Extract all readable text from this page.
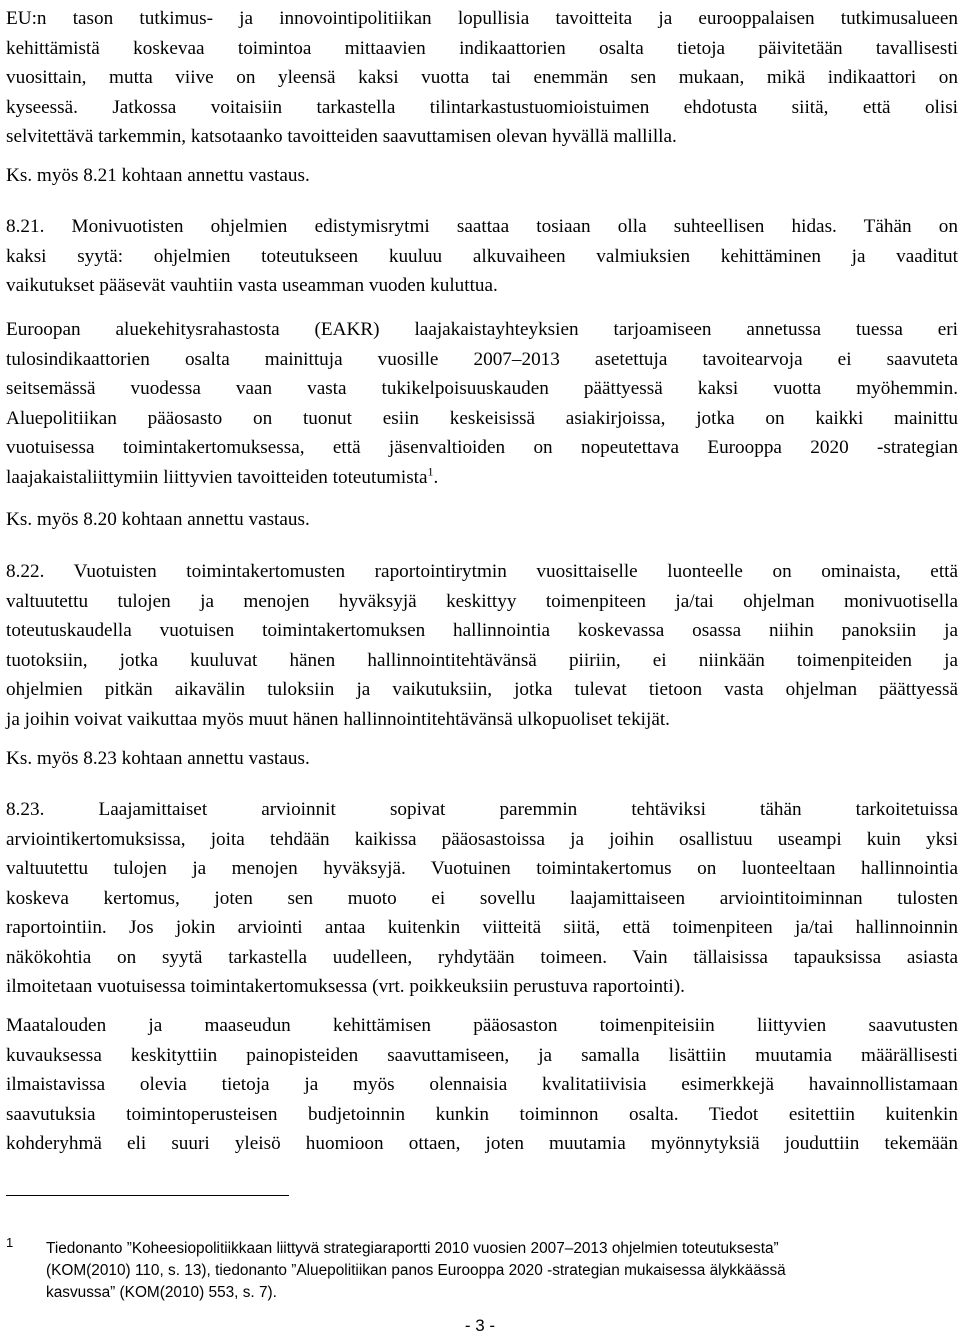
EU:n tason tutkimus- ja innovointipolitiikan lopullisia tavoitteita ja eurooppalaisen tutkimusalueen
kehittämistä koskevaa toimintoa mittaavien indikaattorien osalta tietoja päivitetään tavallisesti
vuosittain, mutta viive on yleensä kaksi vuotta tai enemmän sen mukaan, mikä indikaattori on
kyseessä. Jatkossa voitaisiin tarkastella tilintarkastustuomioistuimen ehdotusta siitä, että olisi
selvitettävä tarkemmin, katsotaanko tavoitteiden saavuttamisen olevan hyvällä mallilla.
Ks. myös 8.21 kohtaan annettu vastaus.
8.21. Monivuotisten ohjelmien edistymisrytmi saattaa tosiaan olla suhteellisen hidas. Tähän on
kaksi syytä: ohjelmien toteutukseen kuuluu alkuvaiheen valmiuksien kehittäminen ja vaaditut
vaikutukset pääsevät vauhtiin vasta useamman vuoden kuluttua.
Euroopan aluekehitysrahastosta (EAKR) laajakaistayhteyksien tarjoamiseen annetussa tuessa eri
tulosindikaattorien osalta mainittuja vuosille 2007–2013 asetettuja tavoitearvoja ei saavuteta
seitsemässä vuodessa vaan vasta tukikelpoisuuskauden päättyessä kaksi vuotta myöhemmin.
Aluepolitiikan pääosasto on tuonut esiin keskeisissä asiakirjoissa, jotka on kaikki mainittu
vuotuisessa toimintakertomuksessa, että jäsenvaltioiden on nopeutettava Eurooppa 2020 -strategian
laajakaistaliittymiin liittyvien tavoitteiden toteutumista$^1$.
Ks. myös 8.20 kohtaan annettu vastaus.
8.22. Vuotuisten toimintakertomusten raportointirytmin vuosittaiselle luonteelle on ominaista, että
valtuutettu tulojen ja menojen hyväksyjä keskittyy toimenpiteen ja/tai ohjelman monivuotisella
toteutuskaudella vuotuisen toimintakertomuksen hallinnointia koskevassa osassa niihin panoksiin ja
tuotoksiin, jotka kuuluvat hänen hallinnointitehtävänsä piiriin, ei niinkään toimenpiteiden ja
ohjelmien pitkän aikavälin tuloksiin ja vaikutuksiin, jotka tulevat tietoon vasta ohjelman päättyessä
ja joihin voivat vaikuttaa myös muut hänen hallinnointitehtävänsä ulkopuoliset tekijät.
Ks. myös 8.23 kohtaan annettu vastaus.
8.23. Laajamittaiset arvioinnit sopivat paremmin tehtäviksi tähän tarkoitetuissa
arviointikertomuksissa, joita tehdään kaikissa pääosastoissa ja joihin osallistuu useampi kuin yksi
valtuutettu tulojen ja menojen hyväksyjä. Vuotuinen toimintakertomus on luonteeltaan hallinnointia
koskeva kertomus, joten sen muoto ei sovellu laajamittaiseen arviointitoiminnan tulosten
raportointiin. Jos jokin arviointi antaa kuitenkin viitteitä siitä, että toimenpiteen ja/tai hallinnoinnin
näkökohtia on syytä tarkastella uudelleen, ryhdytään toimeen. Vain tällaisissa tapauksissa asiasta
ilmoitetaan vuotuisessa toimintakertomuksessa (vrt. poikkeuksiin perustuva raportointi).
Maatalouden ja maaseudun kehittämisen pääosaston toimenpiteisiin liittyvien saavutusten
kuvauksessa keskityttiin painopisteiden saavuttamiseen, ja samalla lisättiin muutamia määrällisesti
ilmaistavissa olevia tietoja ja myös olennaisia kvalitatiivisia esimerkkejä havainnollistamaan
saavutuksia toimintoperusteisen budjetoinnin kunkin toiminnon osalta. Tiedot esitettiin kuitenkin
kohderyhmä eli suuri yleisö huomioon ottaen, joten muutamia myönnytyksiä jouduttiin tekemään
1 Tiedonanto ”Koheesiopolitiikkaan liittyvä strategiaraportti 2010 vuosien 2007–2013 ohjelmien toteutuksesta”
(KOM(2010) 110, s. 13), tiedonanto ”Aluepolitiikan panos Eurooppa 2020 -strategian mukaisessa älykkäässä
kasvussa” (KOM(2010) 553, s. 7).
- 3 -
